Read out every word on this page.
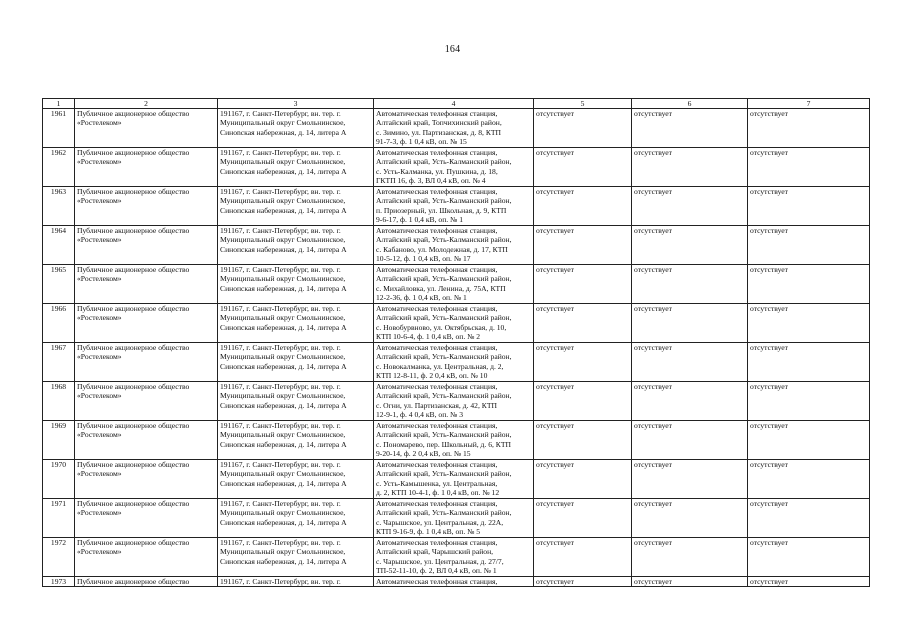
164
1	2	3	4	5	6	7

1961	Публичное акционерное общество
«Ростелеком»	191167, г. Санкт-Петербург, вн. тер. г.
Муниципальный округ Смольнинское,
Синоnская набережная, д. 14, литера А	Автоматическая телефонная станция,
Алтайский край, Топчихинский район,
с. Зимино, ул. Партизанская, д. 8, КТП
91-7-3, ф. 1 0,4 кВ, оп. № 15	отсутствует	отсутствует	отсутствует

1962	Публичное акционерное общество
«Ростелеком»	191167, г. Санкт-Петербург, вн. тер. г.
Муниципальный округ Смольнинское,
Синопская набережная, д. 14, литера А	Автоматическая телефонная станция,
Алтайский край, Усть-Калманский район,
с. Усть-Калманка, ул. Пушкина, д. 18,
ГКТП 16, ф. 3, ВЛ 0,4 кВ, оп. № 4	отсутствует	отсутствует	отсутствует

1963	Публичное акционерное общество
«Ростелеком»	191167, г. Санкт-Петербург, вн. тер. г.
Муниципальный округ Смольнинское,
Синопская набережная, д. 14, литера А	Автоматическая телефонная станция,
Алтайский край, Усть-Калманский район,
п. Приозерный, ул. Школьная, д. 9, КТП
9-6-17, ф. 1 0,4 кВ, оп. № 1	отсутствует	отсутствует	отсутствует

1964	Публичное акционерное общество
«Ростелеком»	191167, г. Санкт-Петербург, вн. тер. г.
Муниципальный округ Смольнинское,
Синопская набережная, д. 14, литера А	Автоматическая телефонная станция,
Алтайский край, Усть-Калманский район,
с. Кабаново, ул. Молодежная, д. 17, КТП
10-5-12, ф. 1 0,4 кВ, оп. № 17	отсутствует	отсутствует	отсутствует

1965	Публичное акционерное общество
«Ростелеком»	191167, г. Санкт-Петербург, вн. тер. г.
Муниципальный округ Смольнинское,
Синопская набережная, д. 14, литера А	Автоматическая телефонная станция,
Алтайский край, Усть-Калманский район,
с. Михайловка, ул. Ленина, д. 75А, КТП
12-2-36, ф. 1 0,4 кВ, оп. № 1	отсутствует	отсутствует	отсутствует

1966	Публичное акционерное общество
«Ростелеком»	191167, г. Санкт-Петербург, вн. тер. г.
Муниципальный округ Смольнинское,
Синопская набережная, д. 14, литера А	Автоматическая телефонная станция,
Алтайский край, Усть-Калманский район,
с. Новобурвново, ул. Октябрьская, д. 10,
КТП 10-6-4, ф. 1 0,4 кВ, оп. № 2	отсутствует	отсутствует	отсутствует

1967	Публичное акционерное общество
«Ростелеком»	191167, г. Санкт-Петербург, вн. тер. г.
Муниципальный округ Смольнинское,
Синопская набережная, д. 14, литера А	Автоматическая телефонная станция,
Алтайский край, Усть-Калманский район,
с. Новокалманка, ул. Центральная, д. 2,
КТП 12-8-11, ф. 2 0,4 кВ, оп. № 10	отсутствует	отсутствует	отсутствует

1968	Публичное акционерное общество
«Ростелеком»	191167, г. Санкт-Петербург, вн. тер. г.
Муниципальный округ Смольнинское,
Синопская набережная, д. 14, литера А	Автоматическая телефонная станция,
Алтайский край, Усть-Калманский район,
с. Огни, ул. Партизанская, д. 42, КТП
12-9-1, ф. 4 0,4 кВ, оп. № 3	отсутствует	отсутствует	отсутствует

1969	Публичное акционерное общество
«Ростелеком»	191167, г. Санкт-Петербург, вн. тер. г.
Муниципальный округ Смольнинское,
Синопская набережная, д. 14, литера А	Автоматическая телефонная станция,
Алтайский край, Усть-Калманский район,
с. Пономарево, пер. Школьный, д. 6, КТП
9-20-14, ф. 2 0,4 кВ, оп. № 15	отсутствует	отсутствует	отсутствует

1970	Публичное акционерное общество
«Ростелеком»	191167, г. Санкт-Петербург, вн. тер. г.
Муниципальный округ Смольнинское,
Синопская набережная, д. 14, литера А	Автоматическая телефонная станция,
Алтайский край, Усть-Калманский район,
с. Усть-Камышенка, ул. Центральная,
д. 2, КТП 10-4-1, ф. 1 0,4 кВ, оп. № 12	отсутствует	отсутствует	отсутствует

1971	Публичное акционерное общество
«Ростелеком»	191167, г. Санкт-Петербург, вн. тер. г.
Муниципальный округ Смольнинское,
Синопская набережная, д. 14, литера А	Автоматическая телефонная станция,
Алтайский край, Усть-Калманский район,
с. Чарышское, ул. Центральная, д. 22А,
КТП 9-16-9, ф. 1 0,4 кВ, оп. № 5	отсутствует	отсутствует	отсутствует

1972	Публичное акционерное общество
«Ростелеком»	191167, г. Санкт-Петербург, вн. тер. г.
Муниципальный округ Смольнинское,
Синопская набережная, д. 14, литера А	Автоматическая телефонная станция,
Алтайский край, Чарышский район,
с. Чарышское, ул. Центральная, д. 27/7,
ТП-52-11-10, ф. 2, ВЛ 0,4 кВ, оп. № 1	отсутствует	отсутствует	отсутствует

1973	Публичное акционерное общество	191167, г. Санкт-Петербург, вн. тер. г.	Автоматическая телефонная станция,	отсутствует	отсутствует	отсутствует
